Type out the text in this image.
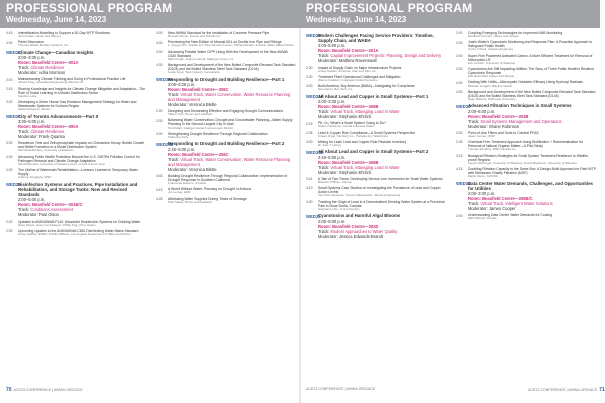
PROFESSIONAL PROGRAM
Wednesday, June 14, 2023
PROFESSIONAL PROGRAM
Wednesday, June 14, 2023
4:15	Intensification Modelling to Support a 30-Day WTP Shutdown
John Collett, Hazen and Sawyer
4:30	Panel Discussion
Thomas Walski, Bentley Systems, Inc.
WED26
Climate Change—Canadian Insights
2:00–3:30 p.m.
Room: Beanfield Centre—201A
Track: Climate Resilience
Moderator: Adria Morrison
2:00	Mainstreaming Climate Thinking and Doing in Professional Practice Life
Jebeta Tang, Associated Engineering Alberta Ltd.
2:15	Sharing Knowledge and Insights for Climate Change Mitigation and Adaptation—The Role of Social Learning in a Model Distribution Sector
Sandra Locke
3:00	Developing a Green House Gas Emission Management Strategy for Water and Wastewater Systems for Durham Region
Malia Pellegrino, Jacobs
WED27
City of Toronto Advancements—Part II
3:30–5:00 p.m.
Room: Beanfield Centre—200A
Track: Climate Resilience
Moderator: Frank Quarisa
3:30	Residence Time and Orthophosphate Impacts on Chloramine Decay, Biofilm Growth and Nitrite Formation in a Model Distribution System
Mehrshad Borbury, University of Waterloo
4:00	Advancing Public Health Protection Beyond the U.S. SWTRs Filtration Control for Pathogen Removal and Climate Change Adaptation
Monica Emelko, University of Waterloo Dept. of Civil & Envir. Eng.
4:30	The Lifeline of Watermain Rehabilitation—Lessons Learned in Temporary Water Supply
Anthony Gregughy, WSP
WED28
Disinfection Systems and Practices, Pipe Installation and Rehabilitation, and Storage Tanks: New and Revised Standards
2:00–5:00 p.m.
Room: Beanfield Centre—201B/C
Track: Conditions Assessment
Moderator: Paul Olson
2:00	Updates to ANSI/AWWA F110: Ultraviolet Disinfection Systems for Drinking Water
Dave Wyant, Hazen and Sawyer; Phillip Pogi, Privy Cabco
2:30	Upcoming Updates to the ANSI/AWWA C651 Disinfecting Water Mains Standard
Corey Hedlay, MWRA; Kristina Billiaux, Los Angeles Department of Water and Power
3:00	New AWWA Standard for the Installation of Concrete Pressure Pipe
Russell Gibson, Freese and Nichols Inc.
3:30	Previewing the New Edition of Manual M11 on Ductile Iron Pipe and Fittings
L. Gregg Horn, Ductile Iron Pipe Research Assn.; Michael Beitch, Suwann Valley Water District
4:00	Advancing Potable Water CIPP Lining With the Development of the New AWWA C620 Standard
Mark Knight, Jeanne Carroll, Sallinger Group, Inc.
4:30	Background and Development of the New Bolted Composite Elevated Tank Standard (D103) and the Bolted Stainless Steel Tank Standard (D104)
Leslie Scott, Tank Industry Consultants
WED29A
Responding to Drought and Building Resilience—Part 1
2:00–3:25 p.m.
Room: Beanfield Centre—206C
Track: Virtual Track, Water Conservation, Water Resource Planning and Management
Moderator: Veronica Blette
2:00	Designing and Demanding Effective and Engaging Drought Communications
Tiffany Tran, Brown and Caldwell
2:30	Balancing Water Conservation, Drought and Groundwater Planning—Water Supply Planning in the Second-Largest City in Utah
Todd Marti, Granger Hunter Improvement District
3:00	Strengthening Drought Resilience Through Regional Collaboration
Katherine Kelly
WED29B
Responding to Drought and Building Resilience—Part 2
2:40–5:00 p.m.
Room: Beanfield Centre—206C
Track: Virtual Track, Water Conservation, Water Resource Planning and Management
Moderator: Veronica Blette
3:45	Building Drought Resilience Through Regional Collaboration: Implementation of Drought Response in Southern California
Francesca DeFerro, Annadis
4:15	A World Without Water: Planning for Drought in Arizona
Jim Lemay, HDR
4:45	Alleviating Water Supplies During Times of Shortage
Paul Selsky, Brown and Caldwell
WED30
Modern Challenges Facing Service Providers: Timeline, Supply Chain, and WABA
2:00–5:00 p.m.
Room: Beanfield Centre—201A
Track: Capital Improvement Projects: Planning, Design and Delivery
Moderator: Matthew Ravenswall
2:00	Impact of Supply Chain on Major Infrastructure Projects
Ansay Nathan, American Cast Iron Pipe Co.
2:30	Treatment Plant Operational Challenges and Mitigation
Warren Rudsten, Integrated Global Solutions
3:00	Build America, Buy America (BABA)—Navigating for Compliance
Dan Carter, Ben Tech, Inc.
WED31A
All About Lead and Copper in Small Systems—Part 1
2:00–3:30 p.m.
Room: Beanfield Centre—206B
Track: Virtual Track, Managing Lead in Water
Moderator: Stephanie Ehrlich
2:15	Pb, Cu, What's a Small System Going to Do?
Sharon Suhomsy, Central Arkansas Water
2:35	Lead & Copper Rule Compliance—A Small Systems Perspective
Kristen Ryan, Kimberly Inc., Portable Inc; Washbrine
3:00	Mining for Lead: Lead and Copper Rule Revision Inventory
Dr. Kyle T. Horng
WED31B
All About Lead and Copper in Small Systems—Part 2
3:40–5:00 p.m.
Room: Beanfield Centre—206B
Track: Virtual Track, Managing Lead in Water
Moderator: Stephanie Ehrlich
3:41	A Tale of Two Towns: Developing Service Line Inventories for Small Water Systems
Brandon O'Brien, Stantec
4:10	Small Systems Case Studies on Investigating the Prevalence of Lead and Copper Action Levels
Veronica Cárdenas, Yvonne Mascareñas, Jacobs Engineering
4:30	Tracking the Origin of Lead in a Decentralized Drinking Water System at a Provincial Park in Nova Scotia, Canada
Stephanie Urie, York University
WED32
Cyanotoxins and Harmful Algal Blooms
2:00–5:00 p.m.
Room: Beanfield Centre—202D
Track: Modern Approaches to Water Quality
Moderator: Jessica Edwards-Brandt
2:00	Coupling Emerging Technologies for Improved HAB Monitoring
Elizabeth Gorham, Hazen and Sawyer
2:30	Justin Water's Cyanotoxin Monitoring and Response Plan: A Proactive Approach to Safeguard Public Health
Curtis Corbell, Castello Engineers
3:00	Super-Fine Powdered Activated Carbon: A More Efficient Treatment for Removal of Microcystin-LR
Erin Kovach, University of Waterloo
3:30	Cyanotoxins Are Still Impacting Utilities: The Story of Three Public Health's Resilient Cyanotoxin Response
Erik Rosenfeld, Hazen and Sawyer
4:00	Dealing With HABs—Microcystin Oxidation Efficacy Using Hydroxyl Radicals
Michelle Longich, Black & Veatch
4:30	Background and Development of the New Bolted Composite Elevated Tank Standard (D103) and the Bolted Stainless Steel Tank Standard (D104)
Sean Roberts, Dalhousie University
WED33
Advanced Filtration Techniques in Small Systems
2:00–5:00 p.m.
Room: Beanfield Centre—203B
Track: Small Systems Management and Operations
Moderator: Shane Robinson
2:00	Point-of-Use Filters and Tools to Combat PFAS
Jason Gurney, WSP
2:45	Chemical-Free Treatment Approach Using Biofiltration + Remineralization for Removal of Natural Organic Matter—A Pilot Study
Thomas Winkling, WSP Canada Inc.
3:15	Biological Filtration Strategies for Small System Treatment Resilience to Wildfire-prone Regions
Lauren McGregor, University of Waterloo; Emina Blazkunic, University of Waterloo
4:15	Doubling Filtration Capacity in the Same Box: A Design-Build Approach for Rath WTP with Membrane Gravity Filtration (MGF)
Martin Deron, KZCOM
WED34
Data Center Water Demands, Challenges, and Opportunities for Utilities
2:00–3:30 p.m.
Room: Beanfield Centre—206B/C
Track: Virtual Track, Intelligent Water Solutions
Moderator: James Cooper
2:00	Understanding Data Center Water Demands for Cooling
Mark Barnett, Amplite
70 ACE23 CONFERENCE | AWWA.ORG/ACE	ACE23 CONFERENCE | AWWA.ORG/ACE	ACE23 CONFERENCE | AWWA.ORG/ACE 71
